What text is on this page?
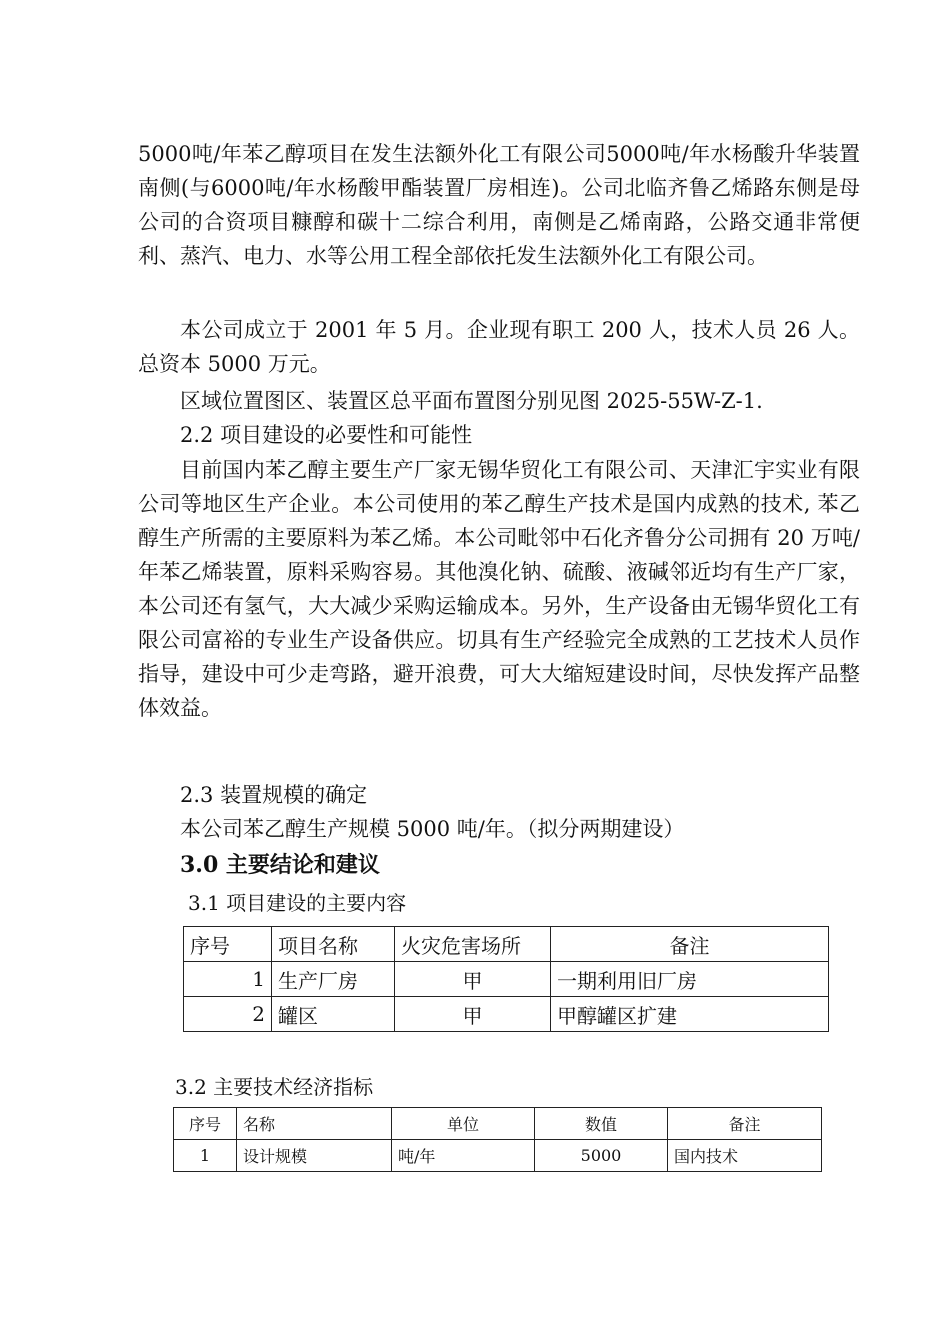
5000吨/年苯乙醇项目在发生法额外化工有限公司5000吨/年水杨酸升华装置南侧(与6000吨/年水杨酸甲酯装置厂房相连)。公司北临齐鲁乙烯路东侧是母公司的合资项目糠醇和碳十二综合利用，南侧是乙烯南路，公路交通非常便利、蒸汽、电力、水等公用工程全部依托发生法额外化工有限公司。

本公司成立于 2001 年 5 月。企业现有职工 200 人，技术人员 26 人。总资本 5000 万元。

区域位置图区、装置区总平面布置图分别见图 2025-55W-Z-1.

2.2 项目建设的必要性和可能性

目前国内苯乙醇主要生产厂家无锡华贸化工有限公司、天津汇宇实业有限公司等地区生产企业。本公司使用的苯乙醇生产技术是国内成熟的技术, 苯乙醇生产所需的主要原料为苯乙烯。本公司毗邻中石化齐鲁分公司拥有 20 万吨/年苯乙烯装置，原料采购容易。其他溴化钠、硫酸、液碱邻近均有生产厂家，本公司还有氢气，大大减少采购运输成本。另外，生产设备由无锡华贸化工有限公司富裕的专业生产设备供应。切具有生产经验完全成熟的工艺技术人员作指导，建设中可少走弯路，避开浪费，可大大缩短建设时间，尽快发挥产品整体效益。

2.3 装置规模的确定

本公司苯乙醇生产规模 5000 吨/年。（拟分两期建设）

3.0 主要结论和建议

3.1 项目建设的主要内容

序号	项目名称	火灾危害场所	备注
1	生产厂房	甲	一期利用旧厂房
2	罐区	甲	甲醇罐区扩建

3.2 主要技术经济指标

序号	名称	单位	数值	备注
1	设计规模	吨/年	5000	国内技术
